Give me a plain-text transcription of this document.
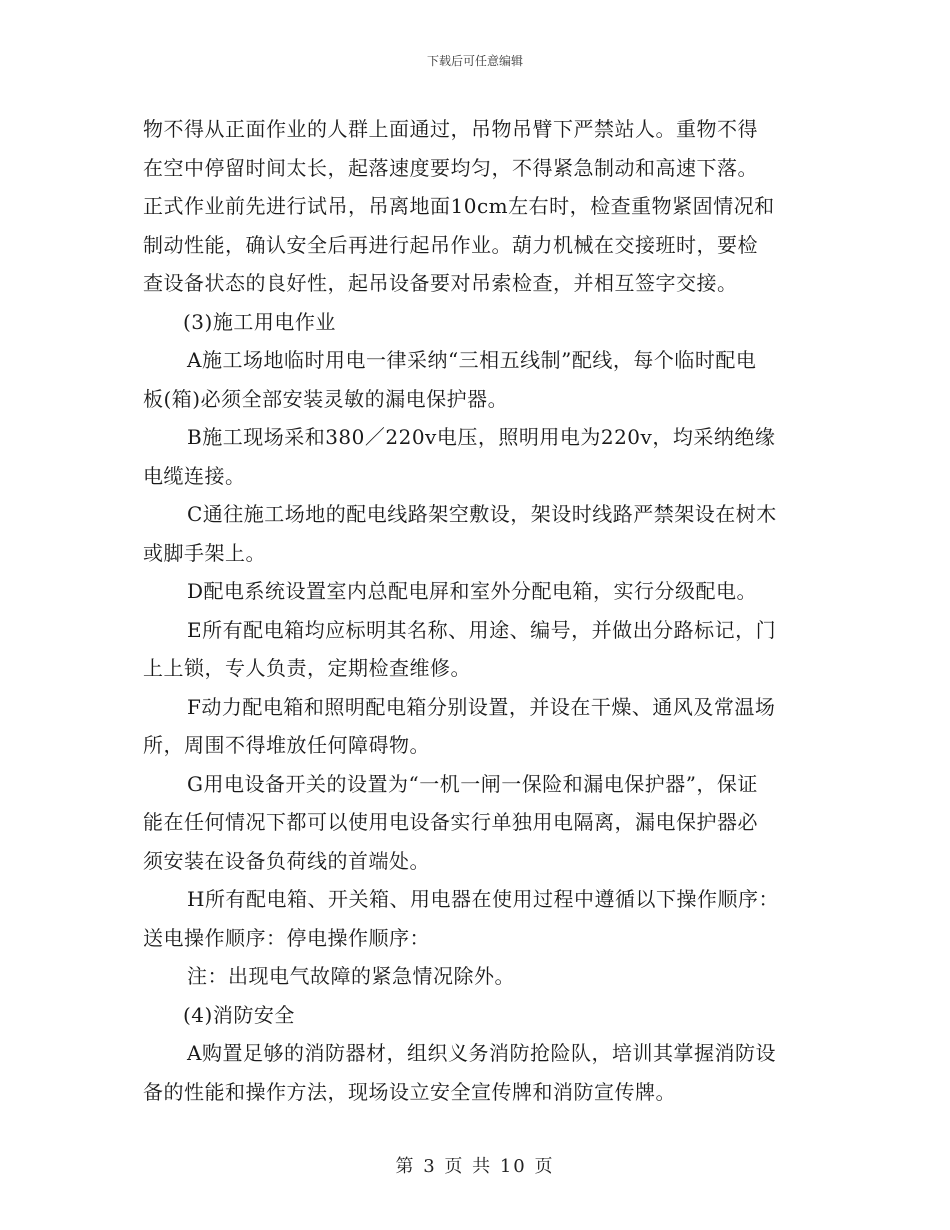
下载后可任意编辑
物不得从正面作业的人群上面通过，吊物吊臂下严禁站人。重物不得
在空中停留时间太长，起落速度要均匀，不得紧急制动和高速下落。
正式作业前先进行试吊，吊离地面10cm左右时，检查重物紧固情况和
制动性能，确认安全后再进行起吊作业。葫力机械在交接班时，要检
查设备状态的良好性，起吊设备要对吊索检查，并相互签字交接。
(3)施工用电作业
A施工场地临时用电一律采纳“三相五线制”配线，每个临时配电
板(箱)必须全部安装灵敏的漏电保护器。
B施工现场采和380／220v电压，照明用电为220v，均采纳绝缘
电缆连接。
C通往施工场地的配电线路架空敷设，架设时线路严禁架设在树木
或脚手架上。
D配电系统设置室内总配电屏和室外分配电箱，实行分级配电。
E所有配电箱均应标明其名称、用途、编号，并做出分路标记，门
上上锁，专人负责，定期检查维修。
F动力配电箱和照明配电箱分别设置，并设在干燥、通风及常温场
所，周围不得堆放任何障碍物。
G用电设备开关的设置为“一机一闸一保险和漏电保护器”，保证
能在任何情况下都可以使用电设备实行单独用电隔离，漏电保护器必
须安装在设备负荷线的首端处。
H所有配电箱、开关箱、用电器在使用过程中遵循以下操作顺序：
送电操作顺序：停电操作顺序：
注：出现电气故障的紧急情况除外。
(4)消防安全
A购置足够的消防器材，组织义务消防抢险队，培训其掌握消防设
备的性能和操作方法，现场设立安全宣传牌和消防宣传牌。
第 3 页 共 10 页
